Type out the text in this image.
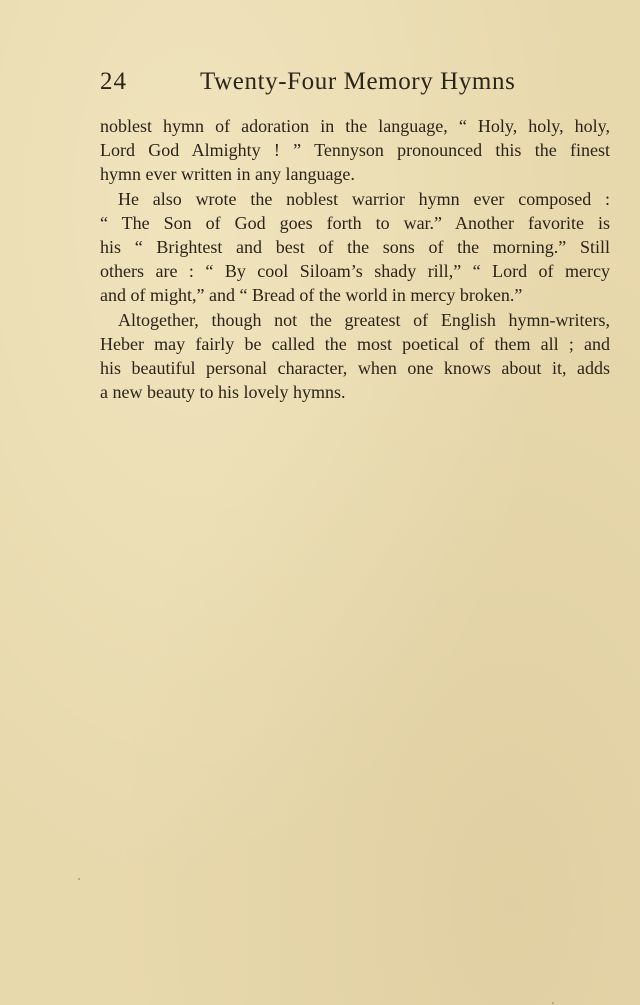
24	Twenty-Four Memory Hymns
noblest hymn of adoration in the language, “ Holy, holy, holy,
Lord God Almighty ! ” Tennyson pronounced this the finest
hymn ever written in any language.
He also wrote the noblest warrior hymn ever composed :
“ The Son of God goes forth to war.” Another favorite is
his “ Brightest and best of the sons of the morning.” Still
others are : “ By cool Siloam’s shady rill,” “ Lord of mercy
and of might,” and “ Bread of the world in mercy broken.”
Altogether, though not the greatest of English hymn-writers,
Heber may fairly be called the most poetical of them all ; and
his beautiful personal character, when one knows about it, adds
a new beauty to his lovely hymns.
